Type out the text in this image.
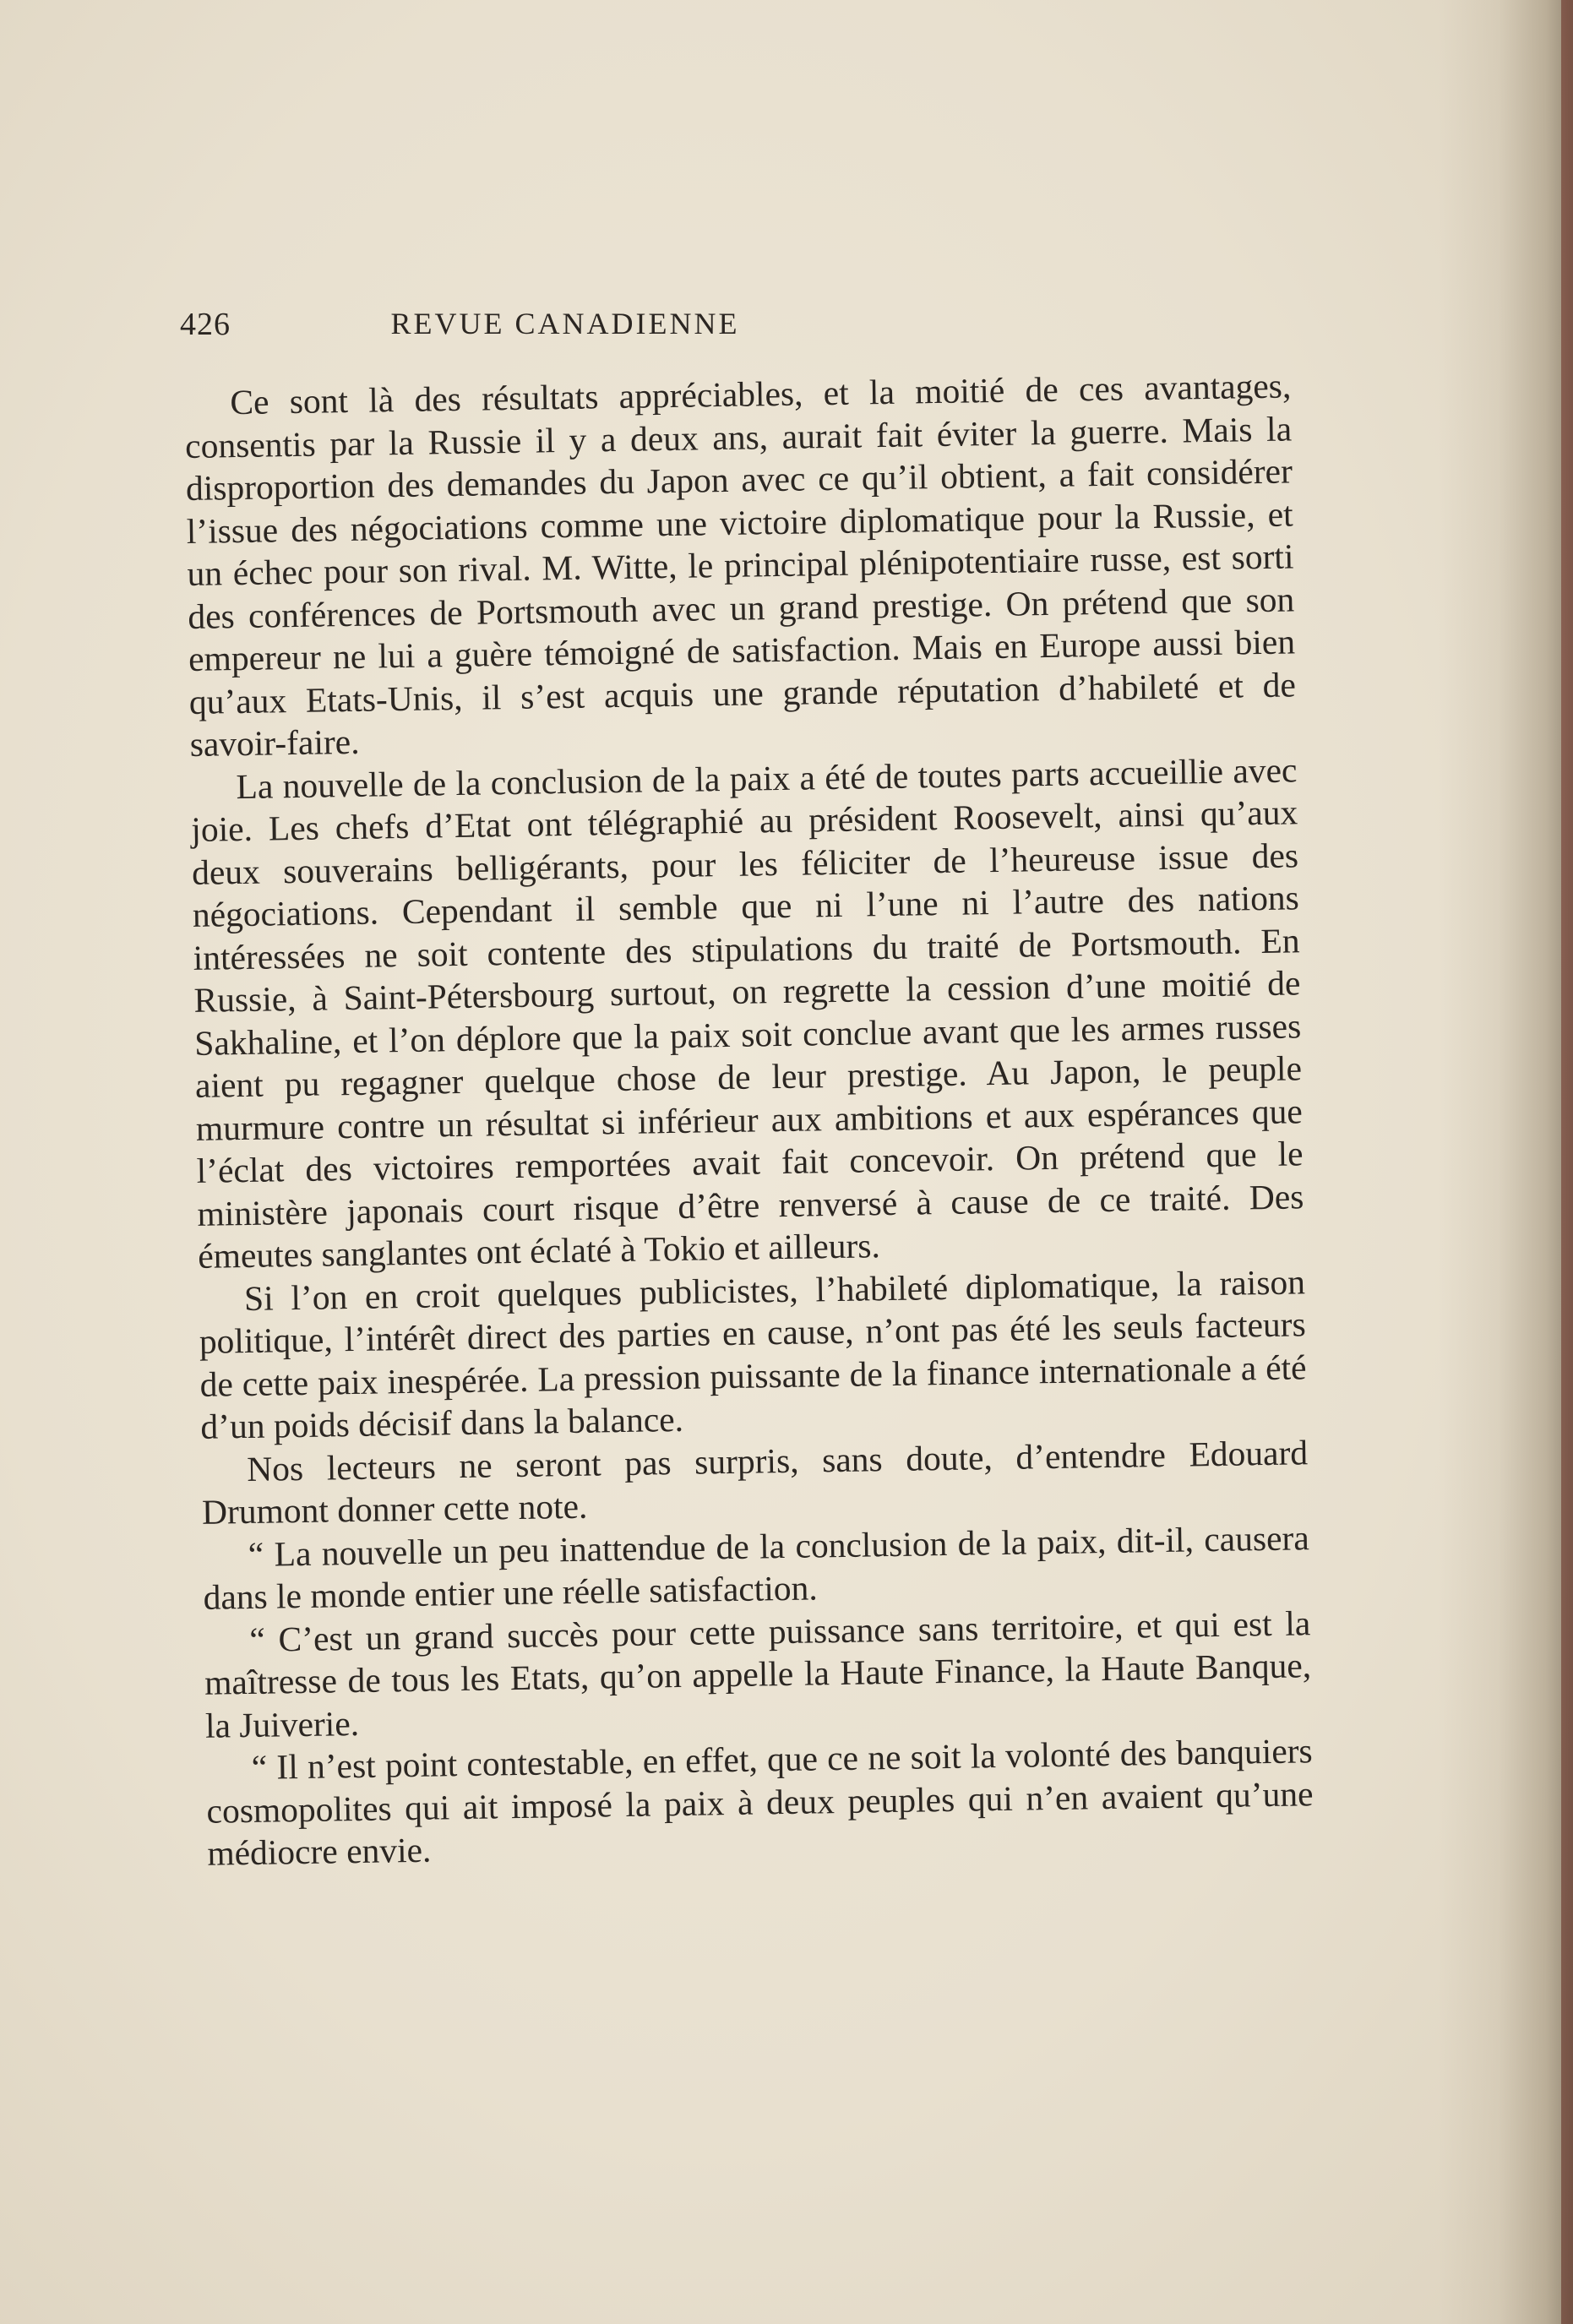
426	REVUE CANADIENNE

Ce sont là des résultats appréciables, et la moitié de ces avantages, consentis par la Russie il y a deux ans, aurait fait éviter la guerre. Mais la disproportion des demandes du Japon avec ce qu’il obtient, a fait considérer l’issue des négociations comme une victoire diplomatique pour la Russie, et un échec pour son rival. M. Witte, le principal plénipotentiaire russe, est sorti des conférences de Portsmouth avec un grand prestige. On prétend que son empereur ne lui a guère témoigné de satisfaction. Mais en Europe aussi bien qu’aux Etats-Unis, il s’est acquis une grande réputation d’habileté et de savoir-faire.

La nouvelle de la conclusion de la paix a été de toutes parts accueillie avec joie. Les chefs d’Etat ont télégraphié au président Roosevelt, ainsi qu’aux deux souverains belligérants, pour les féliciter de l’heureuse issue des négociations. Cependant il semble que ni l’une ni l’autre des nations intéressées ne soit contente des stipulations du traité de Portsmouth. En Russie, à Saint-Pétersbourg surtout, on regrette la cession d’une moitié de Sakhaline, et l’on déplore que la paix soit conclue avant que les armes russes aient pu regagner quelque chose de leur prestige. Au Japon, le peuple murmure contre un résultat si inférieur aux ambitions et aux espérances que l’éclat des victoires remportées avait fait concevoir. On prétend que le ministère japonais court risque d’être renversé à cause de ce traité. Des émeutes sanglantes ont éclaté à Tokio et ailleurs.

Si l’on en croit quelques publicistes, l’habileté diplomatique, la raison politique, l’intérêt direct des parties en cause, n’ont pas été les seuls facteurs de cette paix inespérée. La pression puissante de la finance internationale a été d’un poids décisif dans la balance.

Nos lecteurs ne seront pas surpris, sans doute, d’entendre Edouard Drumont donner cette note.

“ La nouvelle un peu inattendue de la conclusion de la paix, dit-il, causera dans le monde entier une réelle satisfaction.

“ C’est un grand succès pour cette puissance sans territoire, et qui est la maîtresse de tous les Etats, qu’on appelle la Haute Finance, la Haute Banque, la Juiverie.

“ Il n’est point contestable, en effet, que ce ne soit la volonté des banquiers cosmopolites qui ait imposé la paix à deux peuples qui n’en avaient qu’une médiocre envie.
